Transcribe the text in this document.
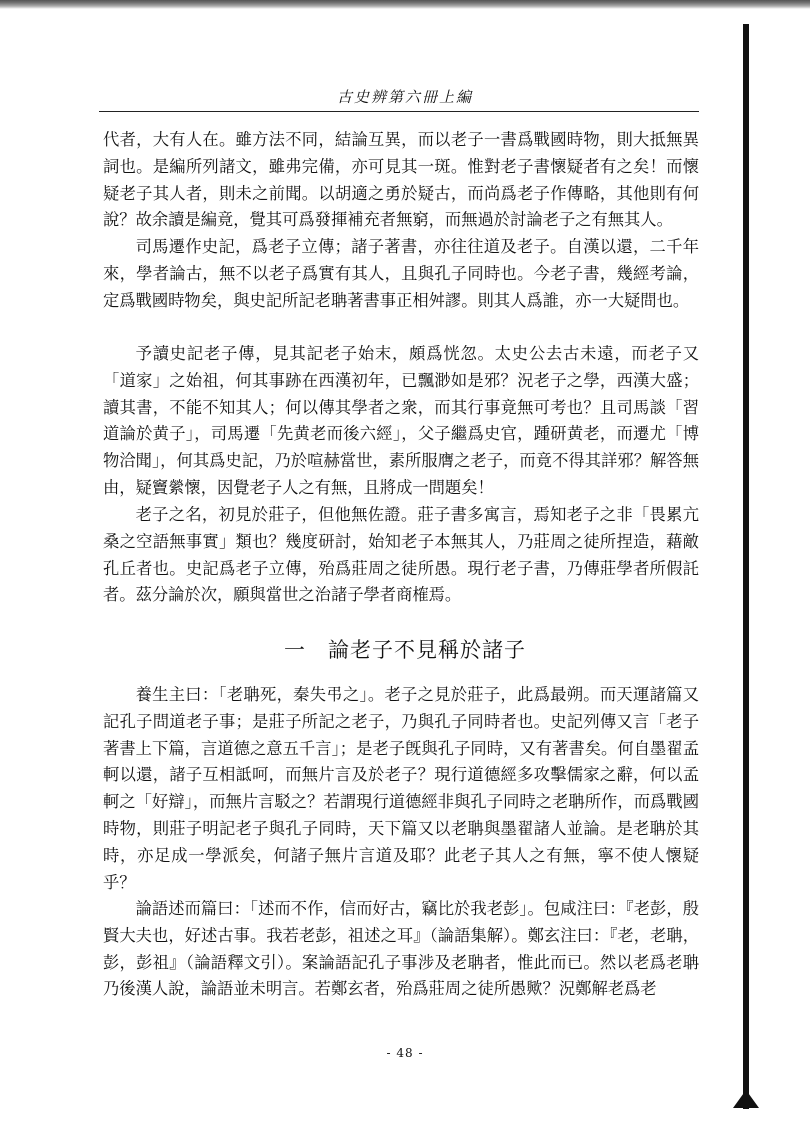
古史辨第六冊上編

代者，大有人在。雖方法不同，結論互異，而以老子一書爲戰國時物，則大抵無異詞也。是編所列諸文，雖弗完備，亦可見其一斑。惟對老子書懷疑者有之矣！而懷疑老子其人者，則未之前聞。以胡適之勇於疑古，而尚爲老子作傳略，其他則有何說？故余讀是編竟，覺其可爲發揮補充者無窮，而無過於討論老子之有無其人。

司馬遷作史記，爲老子立傳；諸子著書，亦往往道及老子。自漢以還，二千年來，學者論古，無不以老子爲實有其人，且與孔子同時也。今老子書，幾經考論，定爲戰國時物矣，與史記所記老聃著書事正相舛謬。則其人爲誰，亦一大疑問也。

予讀史記老子傳，見其記老子始末，頗爲恍忽。太史公去古未遠，而老子又「道家」之始祖，何其事跡在西漢初年，已飄渺如是邪？況老子之學，西漢大盛；讀其書，不能不知其人；何以傳其學者之衆，而其行事竟無可考也？且司馬談「習道論於黄子」，司馬遷「先黄老而後六經」，父子繼爲史官，踵研黄老，而遷尤「博物洽聞」，何其爲史記，乃於喧赫當世，素所服膺之老子，而竟不得其詳邪？解答無由，疑竇縈懷，因覺老子人之有無，且將成一問題矣！

老子之名，初見於莊子，但他無佐證。莊子書多寓言，焉知老子之非「畏累亢桑之空語無事實」類也？幾度研討，始知老子本無其人，乃莊周之徒所捏造，藉敵孔丘者也。史記爲老子立傳，殆爲莊周之徒所愚。現行老子書，乃傳莊學者所假託者。茲分論於次，願與當世之治諸子學者商榷焉。

一　論老子不見稱於諸子

養生主曰：「老聃死，秦失弔之」。老子之見於莊子，此爲最朔。而天運諸篇又記孔子問道老子事；是莊子所記之老子，乃與孔子同時者也。史記列傳又言「老子著書上下篇，言道德之意五千言」；是老子旣與孔子同時，又有著書矣。何自墨翟孟軻以還，諸子互相詆呵，而無片言及於老子？現行道德經多攻擊儒家之辭，何以孟軻之「好辯」，而無片言駁之？若謂現行道德經非與孔子同時之老聃所作，而爲戰國時物，則莊子明記老子與孔子同時，天下篇又以老聃與墨翟諸人並論。是老聃於其時，亦足成一學派矣，何諸子無片言道及耶？此老子其人之有無，寧不使人懷疑乎？

論語述而篇曰：「述而不作，信而好古，竊比於我老彭」。包咸注曰：『老彭，殷賢大夫也，好述古事。我若老彭，祖述之耳』（論語集解）。鄭玄注曰：『老，老聃，彭，彭祖』（論語釋文引）。案論語記孔子事涉及老聃者，惟此而已。然以老爲老聃乃後漢人說，論語並未明言。若鄭玄者，殆爲莊周之徒所愚歟？況鄭解老爲老

- 48 -
